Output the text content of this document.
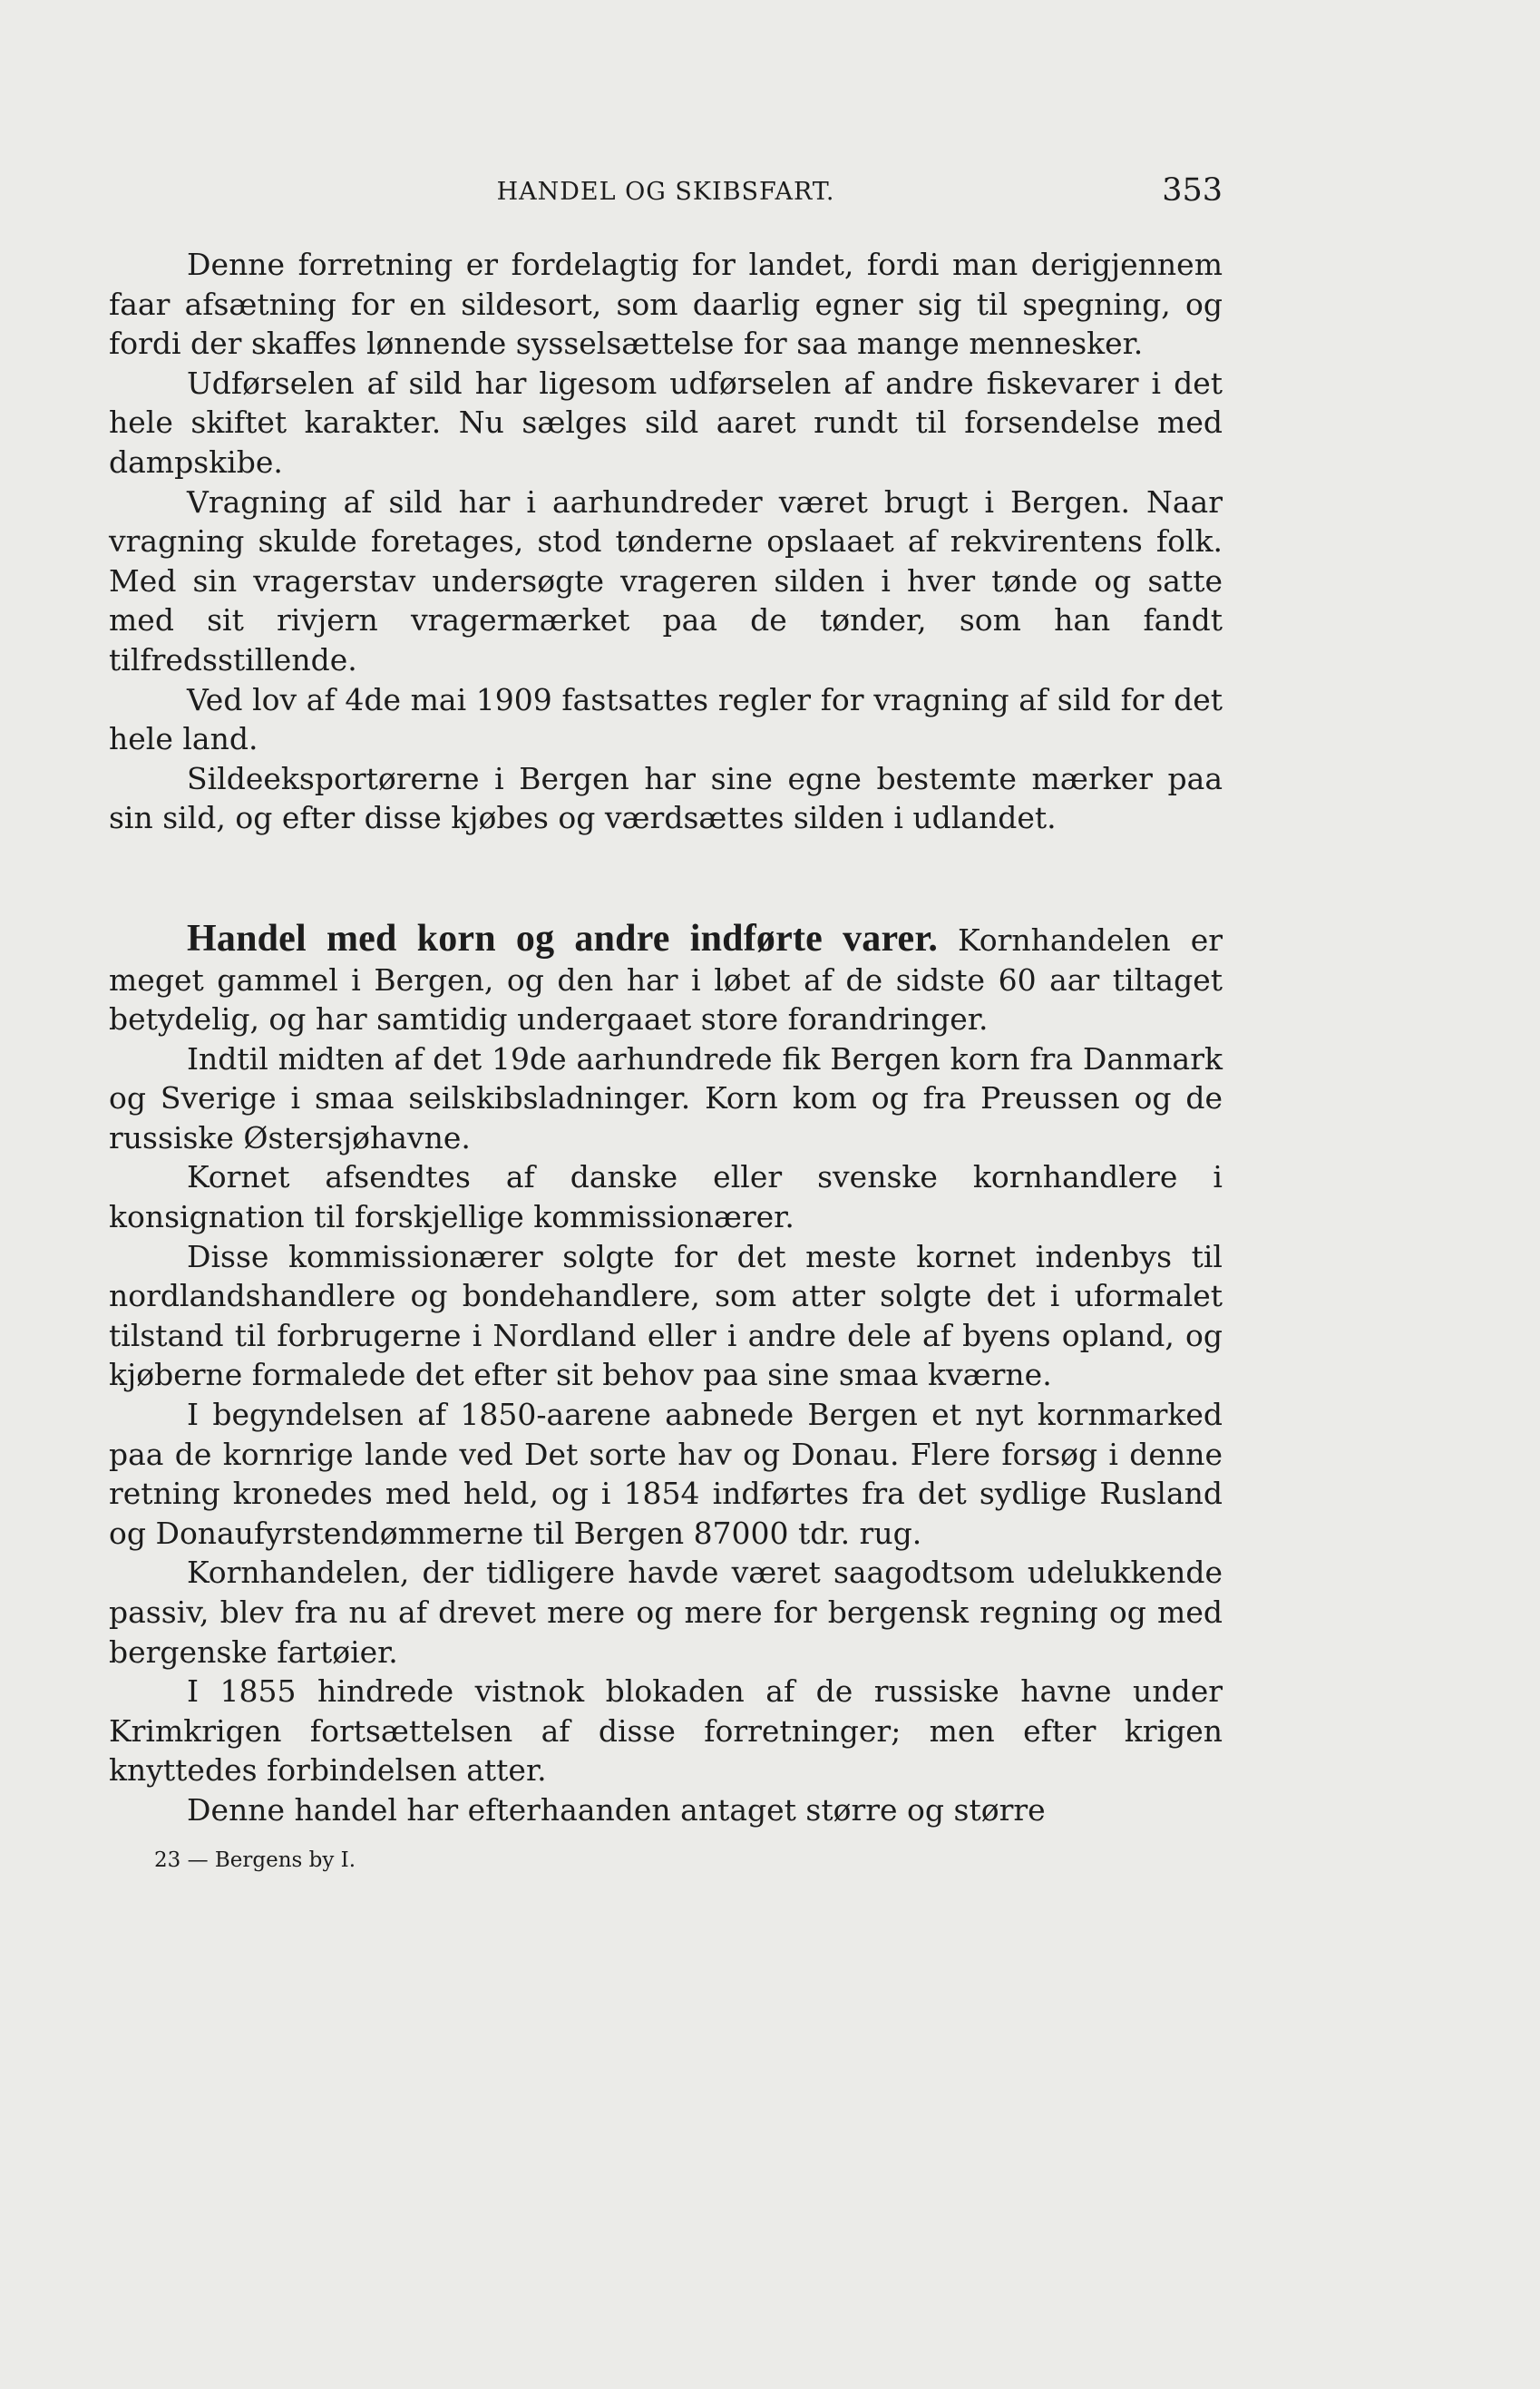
HANDEL OG SKIBSFART.	353

Denne forretning er fordelagtig for landet, fordi man derigjennem faar afsætning for en sildesort, som daarlig egner sig til spegning, og fordi der skaffes lønnende sysselsættelse for saa mange mennesker.

Udførselen af sild har ligesom udførselen af andre fiskevarer i det hele skiftet karakter. Nu sælges sild aaret rundt til forsendelse med dampskibe.

Vragning af sild har i aarhundreder været brugt i Bergen. Naar vragning skulde foretages, stod tønderne opslaaet af rekvirentens folk. Med sin vragerstav undersøgte vrageren silden i hver tønde og satte med sit rivjern vragermærket paa de tønder, som han fandt tilfredsstillende.

Ved lov af 4de mai 1909 fastsattes regler for vragning af sild for det hele land.

Sildeeksportørerne i Bergen har sine egne bestemte mærker paa sin sild, og efter disse kjøbes og værdsættes silden i udlandet.

Handel med korn og andre indførte varer. Kornhandelen er meget gammel i Bergen, og den har i løbet af de sidste 60 aar tiltaget betydelig, og har samtidig undergaaet store forandringer.

Indtil midten af det 19de aarhundrede fik Bergen korn fra Danmark og Sverige i smaa seilskibsladninger. Korn kom og fra Preussen og de russiske Østersjøhavne.

Kornet afsendtes af danske eller svenske kornhandlere i konsignation til forskjellige kommissionærer.

Disse kommissionærer solgte for det meste kornet indenbys til nordlandshandlere og bondehandlere, som atter solgte det i uformalet tilstand til forbrugerne i Nordland eller i andre dele af byens opland, og kjøberne formalede det efter sit behov paa sine smaa kværne.

I begyndelsen af 1850-aarene aabnede Bergen et nyt kornmarked paa de kornrige lande ved Det sorte hav og Donau. Flere forsøg i denne retning kronedes med held, og i 1854 indførtes fra det sydlige Rusland og Donaufyrstendømmerne til Bergen 87000 tdr. rug.

Kornhandelen, der tidligere havde været saagodtsom udelukkende passiv, blev fra nu af drevet mere og mere for bergensk regning og med bergenske fartøier.

I 1855 hindrede vistnok blokaden af de russiske havne under Krimkrigen fortsættelsen af disse forretninger; men efter krigen knyttedes forbindelsen atter.

Denne handel har efterhaanden antaget større og større

23 — Bergens by I.
